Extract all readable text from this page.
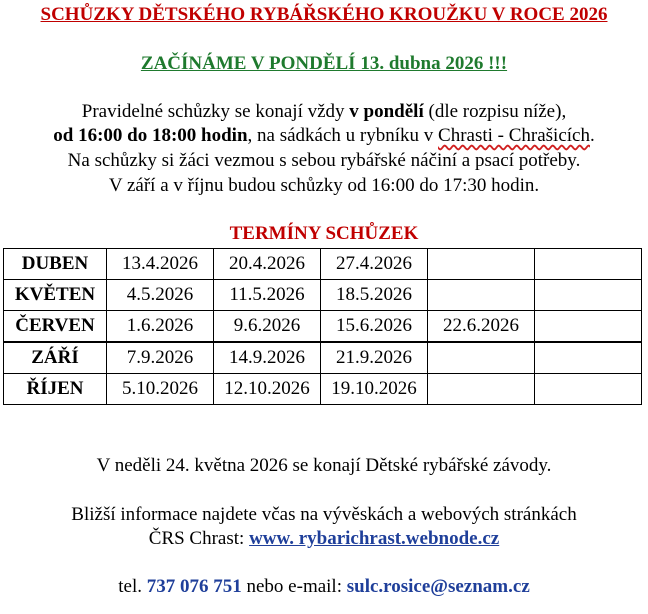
SCHŮZKY DĚTSKÉHO RYBÁŘSKÉHO KROUŽKU V ROCE 2026
ZAČÍNÁME V PONDĚLÍ 13. dubna 2026 !!!
Pravidelné schůzky se konají vždy v pondělí (dle rozpisu níže),
od 16:00 do 18:00 hodin, na sádkách u rybníku v Chrasti - Chrašicích.
Na schůzky si žáci vezmou s sebou rybářské náčiní a psací potřeby.
V září a v říjnu budou schůzky od 16:00 do 17:30 hodin.
TERMÍNY SCHŮZEK
DUBEN	13.4.2026	20.4.2026	27.4.2026		
KVĚTEN	4.5.2026	11.5.2026	18.5.2026		
ČERVEN	1.6.2026	9.6.2026	15.6.2026	22.6.2026	
ZÁŘÍ	7.9.2026	14.9.2026	21.9.2026		
ŘÍJEN	5.10.2026	12.10.2026	19.10.2026		
V neděli 24. května 2026 se konají Dětské rybářské závody.
Bližší informace najdete včas na vývěskách a webových stránkách
ČRS Chrast: www. rybarichrast.webnode.cz
tel. 737 076 751 nebo e-mail: sulc.rosice@seznam.cz
